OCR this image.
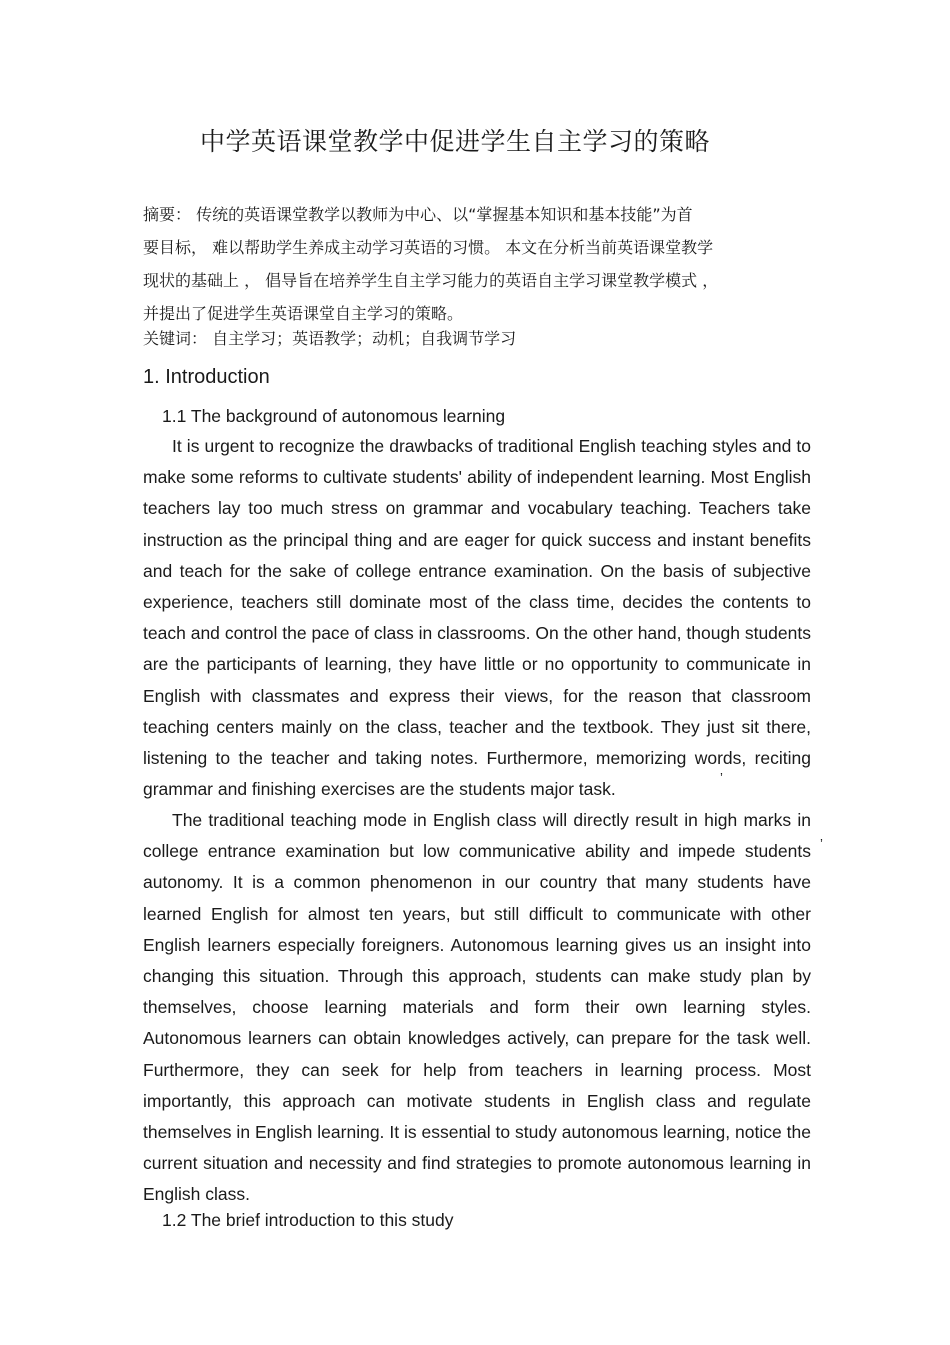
中学英语课堂教学中促进学生自主学习的策略

摘要： 传统的英语课堂教学以教师为中心、以“掌握基本知识和基本技能”为首

要目标， 难以帮助学生养成主动学习英语的习惯。 本文在分析当前英语课堂教学

现状的基础上 ， 倡导旨在培养学生自主学习能力的英语自主学习课堂教学模式 ，

并提出了促进学生英语课堂自主学习的策略。

关键词： 自主学习；英语教学；动机；自我调节学习
1. Introduction
1.1 The background of autonomous learning

It is urgent to recognize the drawbacks of traditional English teaching styles and to make some reforms to cultivate students' ability of independent learning. Most English teachers lay too much stress on grammar and vocabulary teaching. Teachers take instruction as the principal thing and are eager for quick success and instant benefits and teach for the sake of college entrance examination. On the basis of subjective experience, teachers still dominate most of the class time, decides the contents to teach and control the pace of class in classrooms. On the other hand, though students are the participants of learning, they have little or no opportunity to communicate in English with classmates and express their views, for the reason that classroom teaching centers mainly on the class, teacher and the textbook. They just sit there, listening to the teacher and taking notes. Furthermore, memorizing words, reciting grammar and finishing exercises are the students major task.

’
’

The traditional teaching mode in English class will directly result in high marks in college entrance examination but low communicative ability and impede students autonomy. It is a common phenomenon in our country that many students have learned English for almost ten years, but still difficult to communicate with other English learners especially foreigners. Autonomous learning gives us an insight into changing this situation. Through this approach, students can make study plan by themselves, choose learning materials and form their own learning styles. Autonomous learners can obtain knowledges actively, can prepare for the task well. Furthermore, they can seek for help from teachers in learning process. Most importantly, this approach can motivate students in English class and regulate themselves in English learning. It is essential to study autonomous learning, notice the current situation and necessity and find strategies to promote autonomous learning in English class.

1.2 The brief introduction to this study
